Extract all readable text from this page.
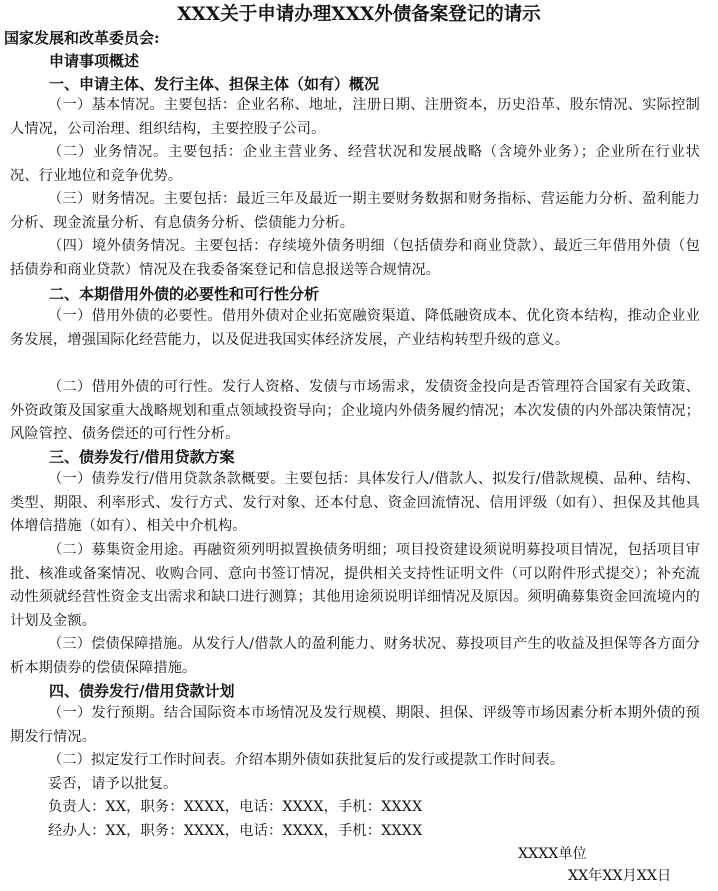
XXX关于申请办理XXX外债备案登记的请示
国家发展和改革委员会:
申请事项概述
一、申请主体、发行主体、担保主体（如有）概况
（一）基本情况。主要包括：企业名称、地址，注册日期、注册资本，历史沿革、股东情况、实际控制人情况，公司治理、组织结构，主要控股子公司。
（二）业务情况。主要包括：企业主营业务、经营状况和发展战略（含境外业务）；企业所在行业状况、行业地位和竞争优势。
（三）财务情况。主要包括：最近三年及最近一期主要财务数据和财务指标、营运能力分析、盈利能力分析、现金流量分析、有息债务分析、偿债能力分析。
（四）境外债务情况。主要包括：存续境外债务明细（包括债券和商业贷款）、最近三年借用外债（包括债券和商业贷款）情况及在我委备案登记和信息报送等合规情况。
二、本期借用外债的必要性和可行性分析
（一）借用外债的必要性。借用外债对企业拓宽融资渠道、降低融资成本、优化资本结构，推动企业业务发展，增强国际化经营能力，以及促进我国实体经济发展，产业结构转型升级的意义。
（二）借用外债的可行性。发行人资格、发债与市场需求，发债资金投向是否管理符合国家有关政策、外资政策及国家重大战略规划和重点领域投资导向；企业境内外债务履约情况；本次发债的内外部决策情况；风险管控、债务偿还的可行性分析。
三、债券发行/借用贷款方案
（一）债券发行/借用贷款条款概要。主要包括：具体发行人/借款人、拟发行/借款规模、品种、结构、类型、期限、利率形式、发行方式、发行对象、还本付息、资金回流情况、信用评级（如有）、担保及其他具体增信措施（如有）、相关中介机构。
（二）募集资金用途。再融资须列明拟置换债务明细；项目投资建设须说明募投项目情况，包括项目审批、核准或备案情况、收购合同、意向书签订情况，提供相关支持性证明文件（可以附件形式提交）；补充流动性须就经营性资金支出需求和缺口进行测算；其他用途须说明详细情况及原因。须明确募集资金回流境内的计划及金额。
（三）偿债保障措施。从发行人/借款人的盈利能力、财务状况、募投项目产生的收益及担保等各方面分析本期债券的偿债保障措施。
四、债券发行/借用贷款计划
（一）发行预期。结合国际资本市场情况及发行规模、期限、担保、评级等市场因素分析本期外债的预期发行情况。
（二）拟定发行工作时间表。介绍本期外债如获批复后的发行或提款工作时间表。
妥否，请予以批复。
负责人：XX，职务：XXXX，电话：XXXX，手机：XXXX
经办人：XX，职务：XXXX，电话：XXXX，手机：XXXX
XXXX单位
XX年XX月XX日
